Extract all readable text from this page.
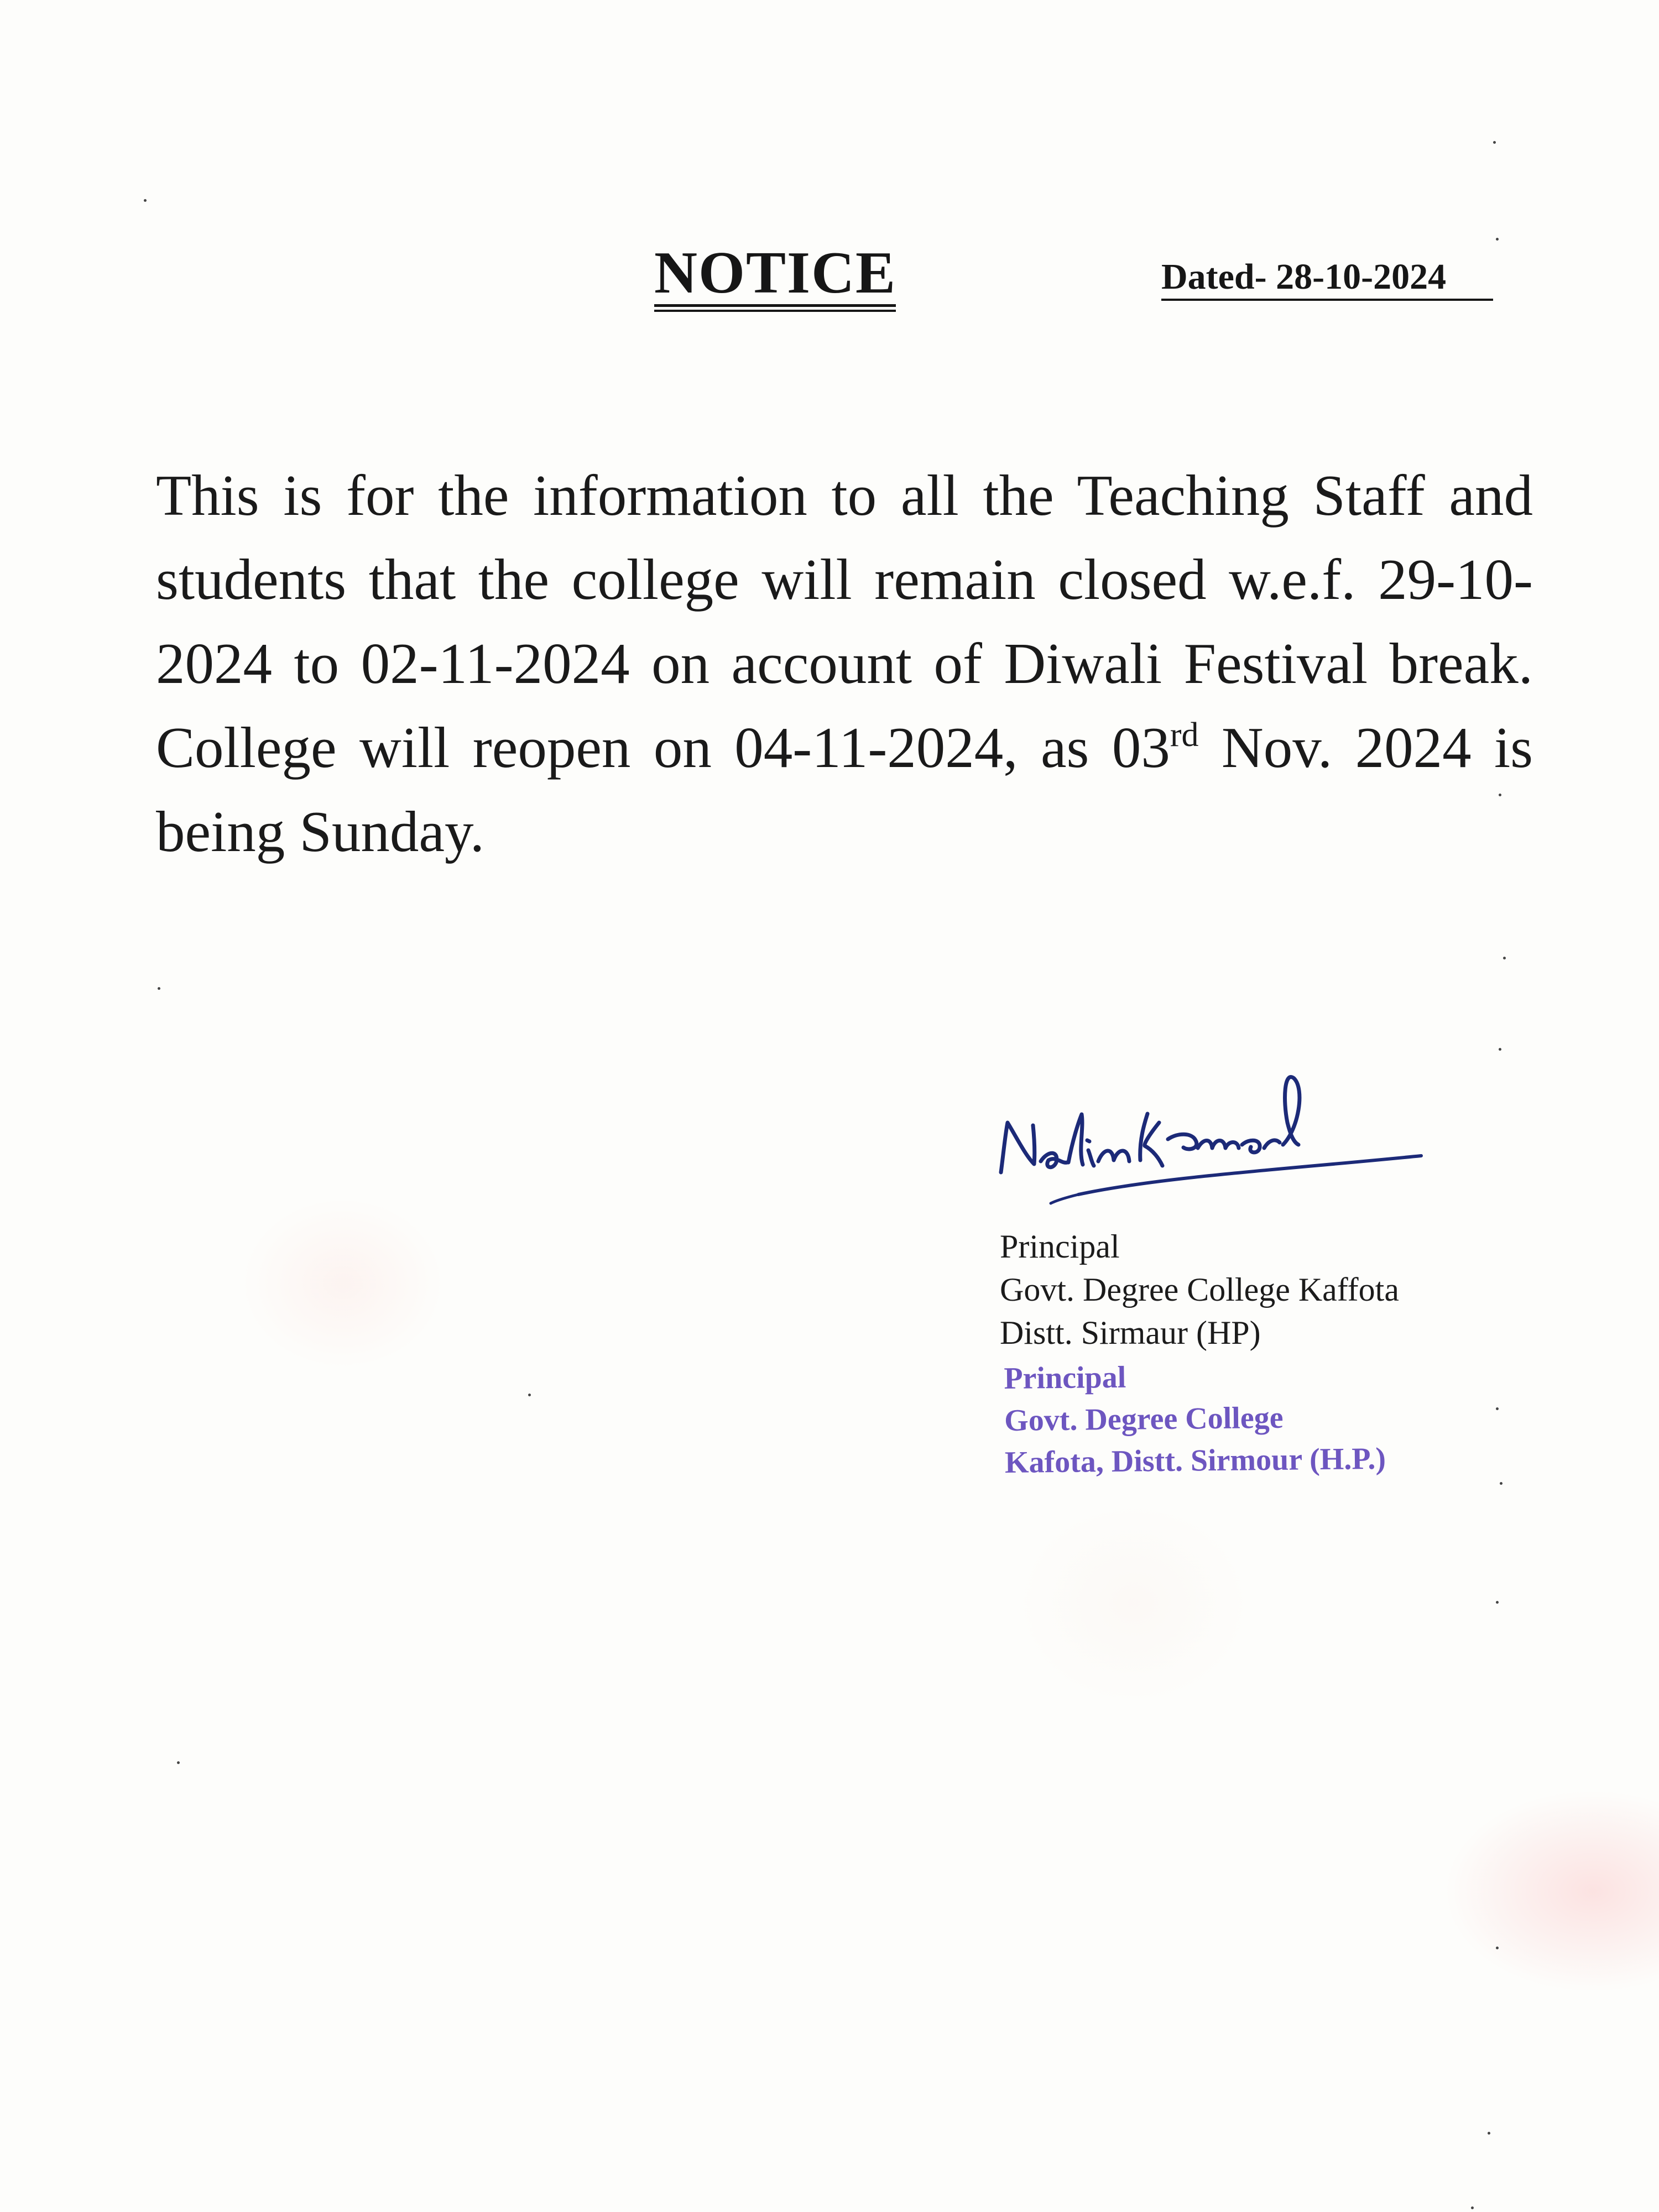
NOTICE	Dated- 28-10-2024

This is for the information to all the Teaching Staff and students that the college will remain closed w.e.f. 29-10-2024 to 02-11-2024 on account of Diwali Festival break. College will reopen on 04-11-2024, as 03rd Nov. 2024 is being Sunday.

Principal
Govt. Degree College Kaffota
Distt. Sirmaur (HP)
Principal
Govt. Degree College
Kafota, Distt. Sirmour (H.P.)
